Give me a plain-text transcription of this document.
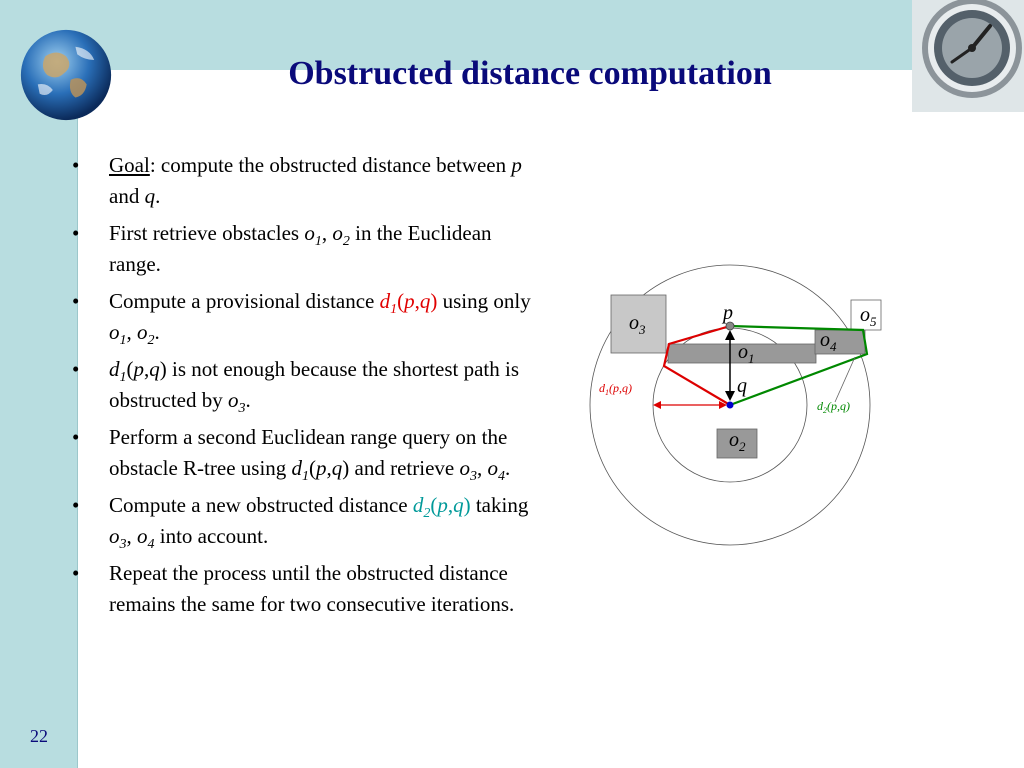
Obstructed distance computation
• Goal: compute the obstructed distance between p and q.
• First retrieve obstacles $o_1$, $o_2$ in the Euclidean range.
• Compute a provisional distance $d_1(p,q)$ using only $o_1$, $o_2$.
• $d_1(p,q)$ is not enough because the shortest path is obstructed by $o_3$.
• Perform a second Euclidean range query on the obstacle R-tree using $d_1(p,q)$ and retrieve $o_3$, $o_4$.
• Compute a new obstructed distance $d_2(p,q)$ taking $o_3$, $o_4$ into account.
• Repeat the process until the obstructed distance remains the same for two consecutive iterations.
p
q
$o_3$
$o_1$
$o_4$
$o_5$
$o_2$
$d_1(p,q)$
$d_2(p,q)$
22
